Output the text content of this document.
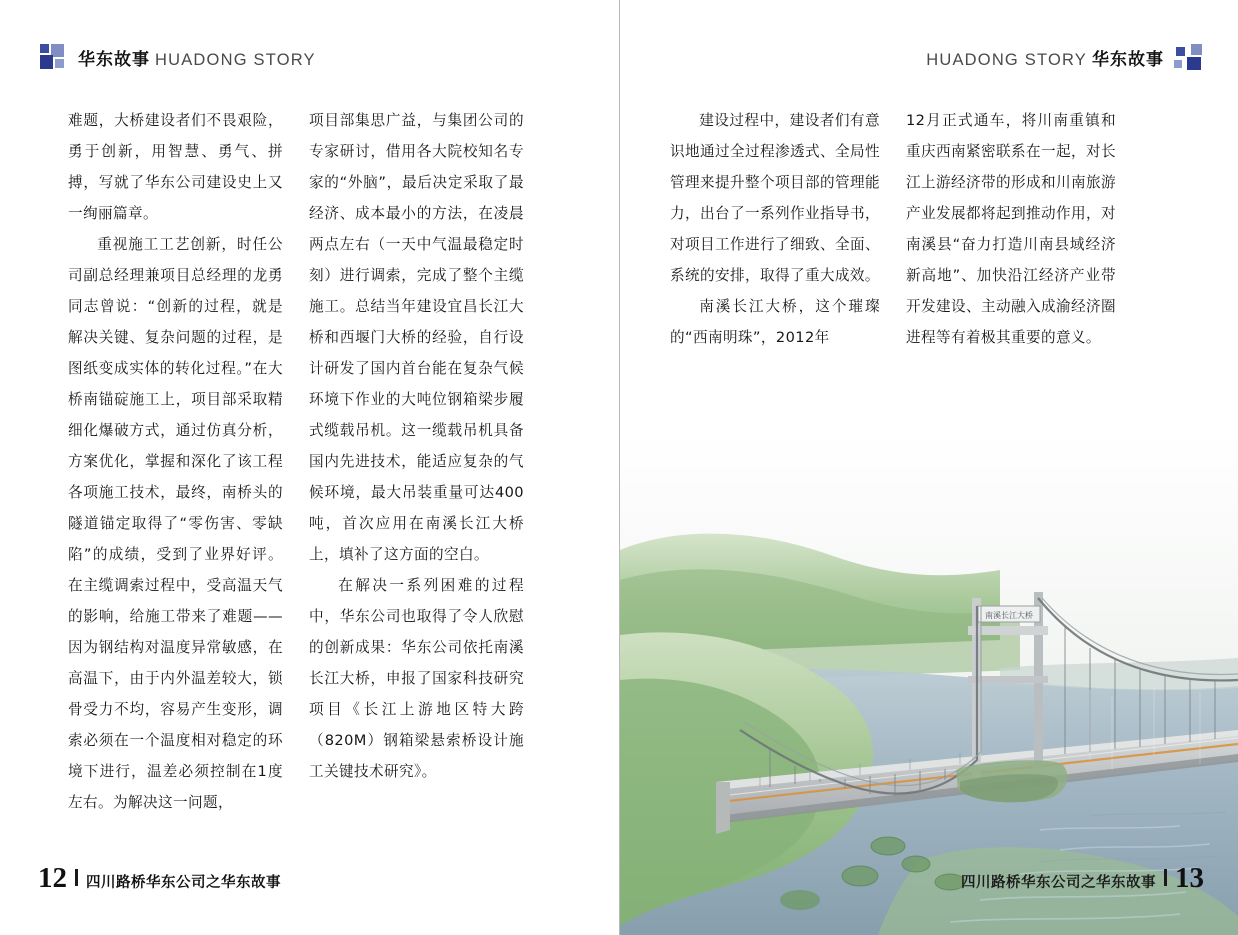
华东故事 HUADONG STORY

难题，大桥建设者们不畏艰险，勇于创新，用智慧、勇气、拼搏，写就了华东公司建设史上又一绚丽篇章。

重视施工工艺创新，时任公司副总经理兼项目总经理的龙勇同志曾说：“创新的过程，就是解决关键、复杂问题的过程，是图纸变成实体的转化过程。”在大桥南锚碇施工上，项目部采取精细化爆破方式，通过仿真分析，方案优化，掌握和深化了该工程各项施工技术，最终，南桥头的隧道锚定取得了“零伤害、零缺陷”的成绩，受到了业界好评。在主缆调索过程中，受高温天气的影响，给施工带来了难题——因为钢结构对温度异常敏感，在高温下，由于内外温差较大，锁骨受力不均，容易产生变形，调索必须在一个温度相对稳定的环境下进行，温差必须控制在1度左右。为解决这一问题，

项目部集思广益，与集团公司的专家研讨，借用各大院校知名专家的“外脑”，最后决定采取了最经济、成本最小的方法，在凌晨两点左右（一天中气温最稳定时刻）进行调索，完成了整个主缆施工。总结当年建设宜昌长江大桥和西堰门大桥的经验，自行设计研发了国内首台能在复杂气候环境下作业的大吨位钢箱梁步履式缆载吊机。这一缆载吊机具备国内先进技术，能适应复杂的气候环境，最大吊装重量可达400吨，首次应用在南溪长江大桥上，填补了这方面的空白。

在解决一系列困难的过程中，华东公司也取得了令人欣慰的创新成果：华东公司依托南溪长江大桥，申报了国家科技研究项目《长江上游地区特大跨（820M）钢箱梁悬索桥设计施工关键技术研究》。

12 四川路桥华东公司之华东故事
HUADONG STORY 华东故事

建设过程中，建设者们有意识地通过全过程渗透式、全局性管理来提升整个项目部的管理能力，出台了一系列作业指导书，对项目工作进行了细致、全面、系统的安排，取得了重大成效。

南溪长江大桥，这个璀璨的“西南明珠”，2012年

12月正式通车，将川南重镇和重庆西南紧密联系在一起，对长江上游经济带的形成和川南旅游产业发展都将起到推动作用，对南溪县“奋力打造川南县域经济新高地”、加快沿江经济产业带开发建设、主动融入成渝经济圈进程等有着极其重要的意义。

南溪长江大桥
四川路桥华东公司之华东故事 13
